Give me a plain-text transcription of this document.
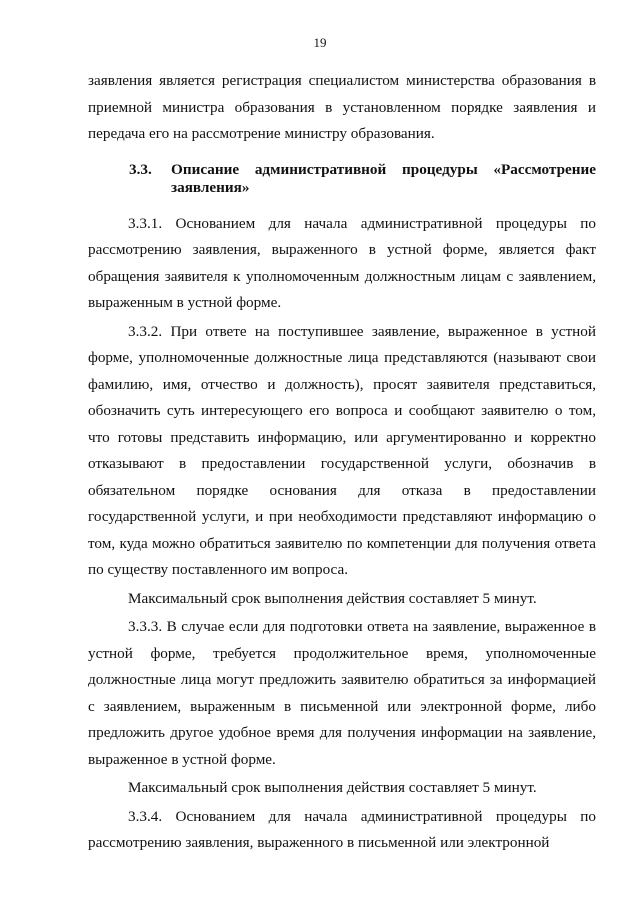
19

заявления является регистрация специалистом министерства образования в приемной министра образования в установленном порядке заявления и передача его на рассмотрение министру образования.

3.3.	Описание административной процедуры «Рассмотрение заявления»

3.3.1. Основанием для начала административной процедуры по рассмотрению заявления, выраженного в устной форме, является факт обращения заявителя к уполномоченным должностным лицам с заявлением, выраженным в устной форме.

3.3.2. При ответе на поступившее заявление, выраженное в устной форме, уполномоченные должностные лица представляются (называют свои фамилию, имя, отчество и должность), просят заявителя представиться, обозначить суть интересующего его вопроса и сообщают заявителю о том, что готовы представить информацию, или аргументированно и корректно отказывают в предоставлении государственной услуги, обозначив в обязательном порядке основания для отказа в предоставлении государственной услуги, и при необходимости представляют информацию о том, куда можно обратиться заявителю по компетенции для получения ответа по существу поставленного им вопроса.

Максимальный срок выполнения действия составляет 5 минут.

3.3.3. В случае если для подготовки ответа на заявление, выраженное в устной форме, требуется продолжительное время, уполномоченные должностные лица могут предложить заявителю обратиться за информацией с заявлением, выраженным в письменной или электронной форме, либо предложить другое удобное время для получения информации на заявление, выраженное в устной форме.

Максимальный срок выполнения действия составляет 5 минут.

3.3.4. Основанием для начала административной процедуры по рассмотрению заявления, выраженного в письменной или электронной
